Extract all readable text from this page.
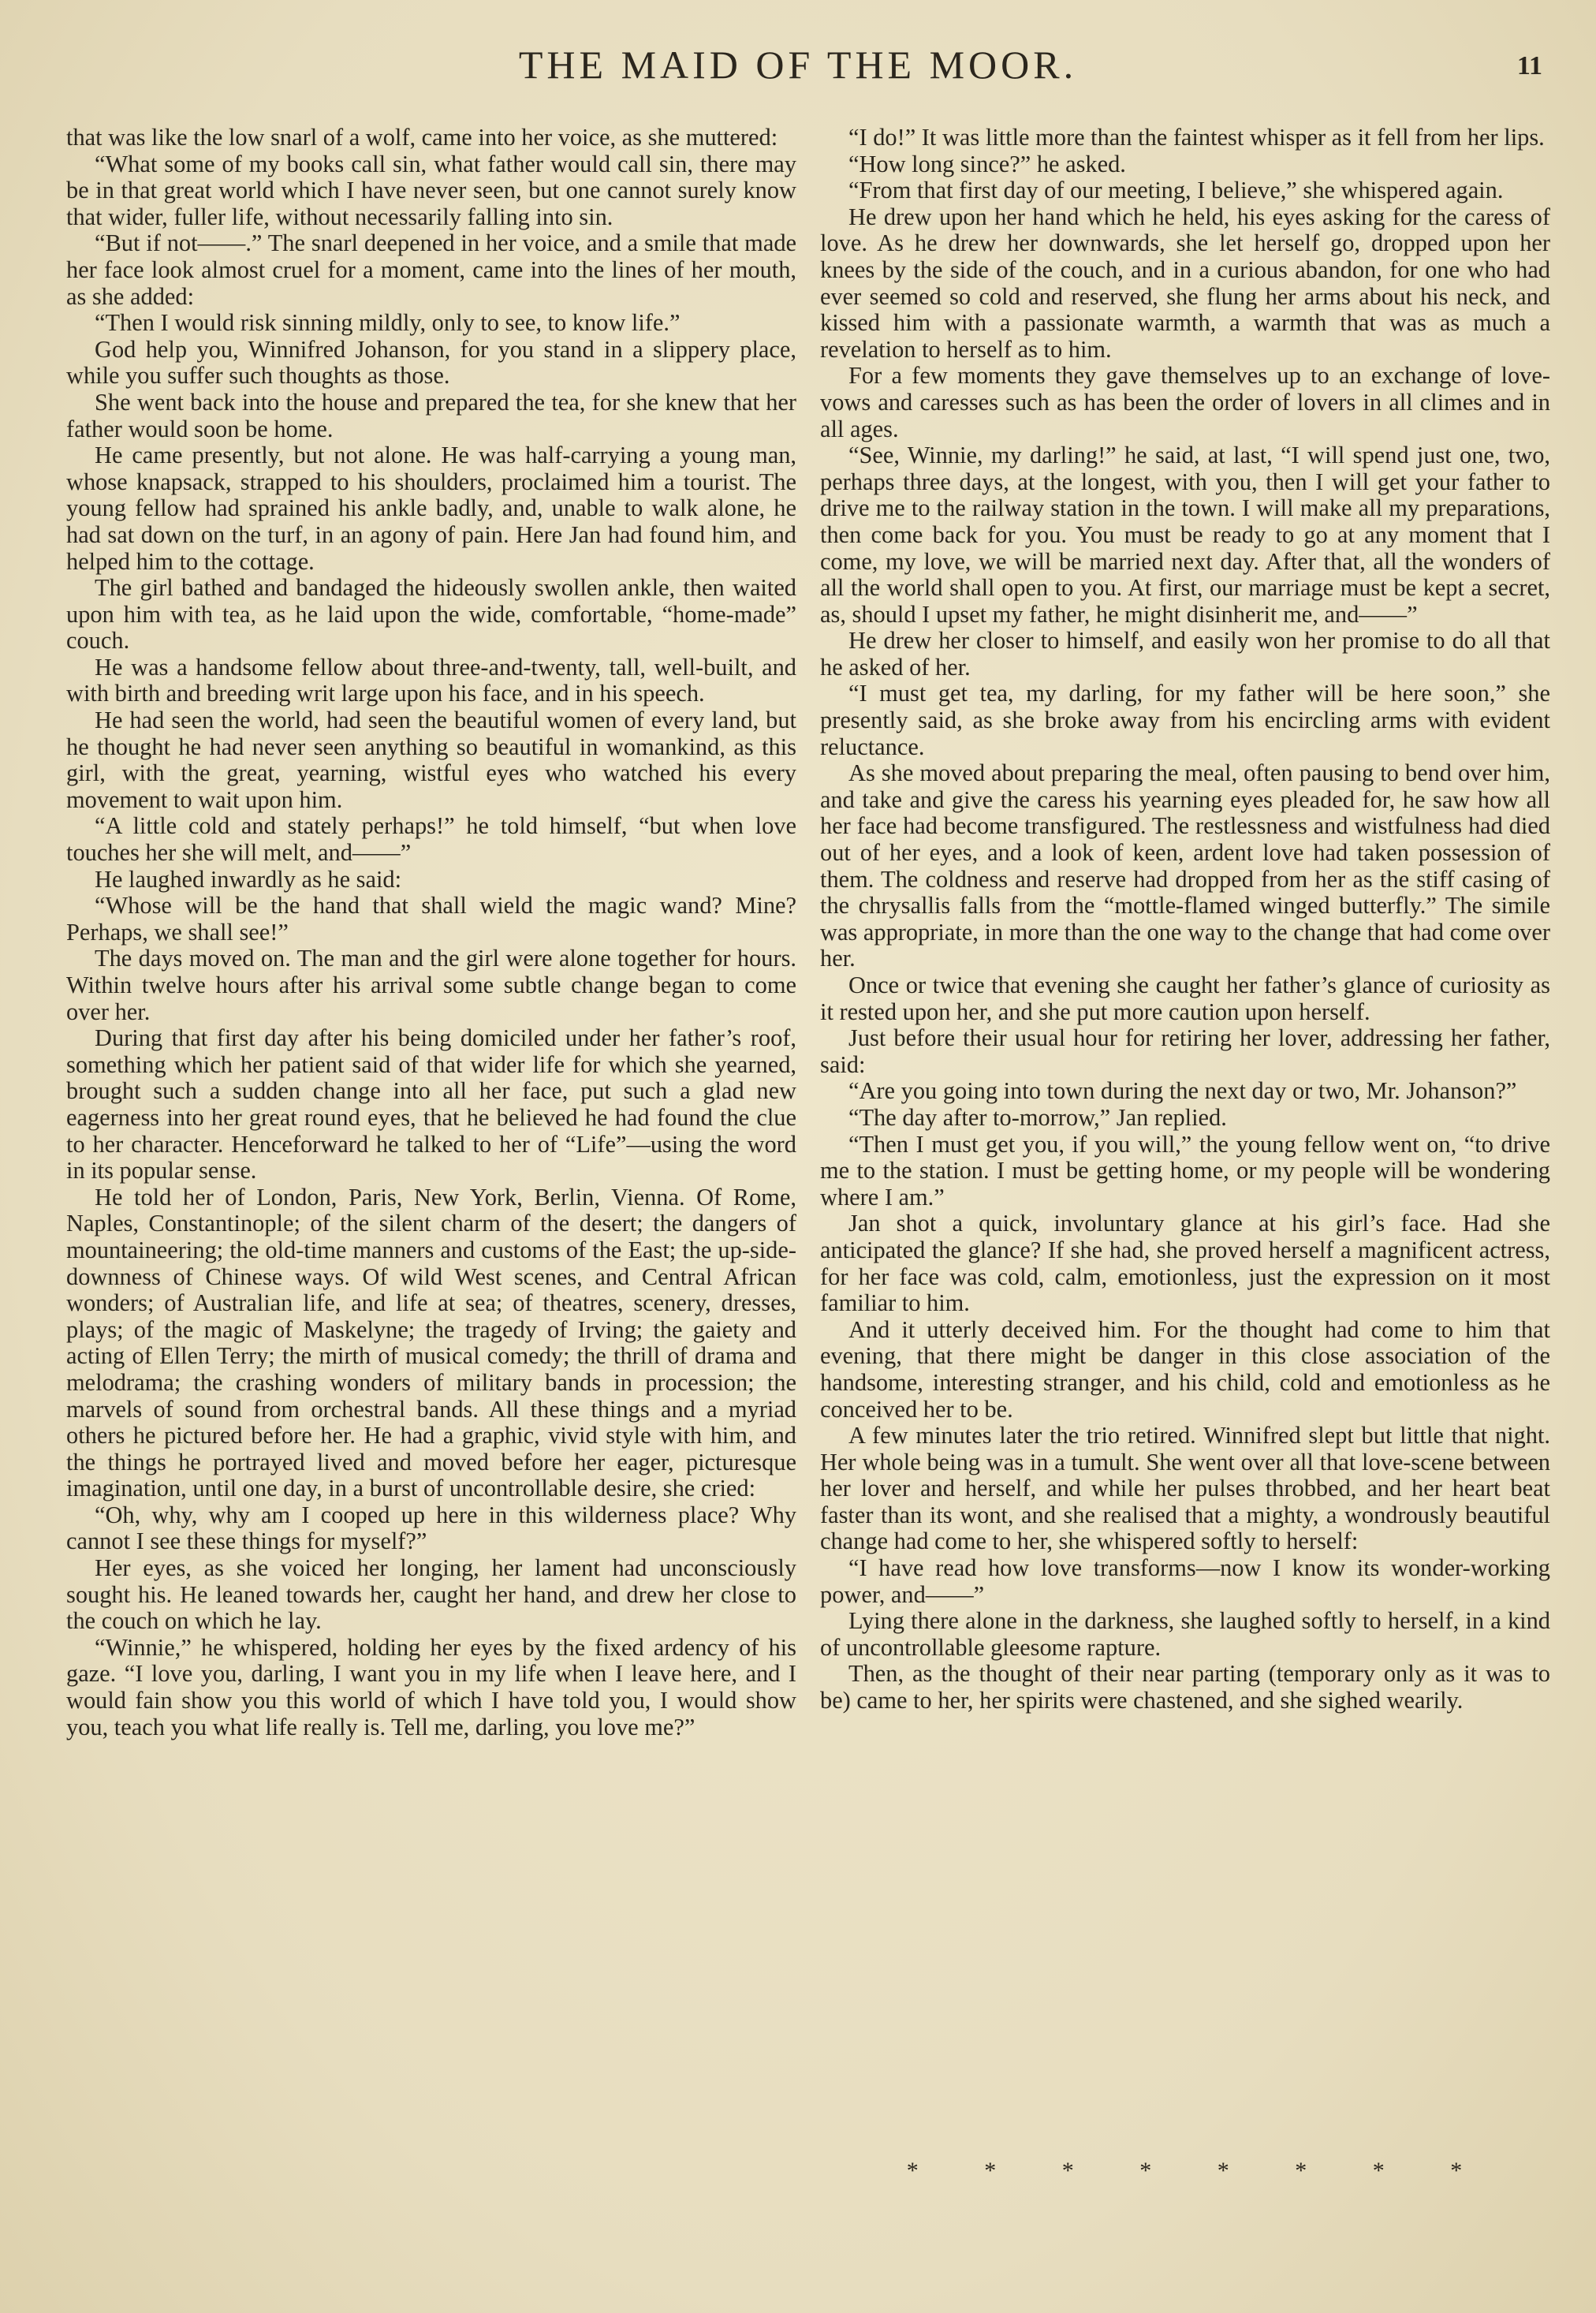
THE MAID OF THE MOOR.	11

that was like the low snarl of a wolf, came into her voice, as she muttered:

“What some of my books call sin, what father would call sin, there may be in that great world which I have never seen, but one cannot surely know that wider, fuller life, without necessarily falling into sin.

“But if not——.” The snarl deepened in her voice, and a smile that made her face look almost cruel for a moment, came into the lines of her mouth, as she added:

“Then I would risk sinning mildly, only to see, to know life.”

God help you, Winnifred Johanson, for you stand in a slippery place, while you suffer such thoughts as those.

She went back into the house and prepared the tea, for she knew that her father would soon be home.

He came presently, but not alone. He was half-carrying a young man, whose knapsack, strapped to his shoulders, proclaimed him a tourist. The young fellow had sprained his ankle badly, and, unable to walk alone, he had sat down on the turf, in an agony of pain. Here Jan had found him, and helped him to the cottage.

The girl bathed and bandaged the hideously swollen ankle, then waited upon him with tea, as he laid upon the wide, comfortable, “home-made” couch.

He was a handsome fellow about three-and-twenty, tall, well-built, and with birth and breeding writ large upon his face, and in his speech.

He had seen the world, had seen the beautiful women of every land, but he thought he had never seen anything so beautiful in womankind, as this girl, with the great, yearning, wistful eyes who watched his every movement to wait upon him.

“A little cold and stately perhaps!” he told himself, “but when love touches her she will melt, and——”

He laughed inwardly as he said:

“Whose will be the hand that shall wield the magic wand? Mine? Perhaps, we shall see!”

The days moved on. The man and the girl were alone together for hours. Within twelve hours after his arrival some subtle change began to come over her.

During that first day after his being domiciled under her father’s roof, something which her patient said of that wider life for which she yearned, brought such a sudden change into all her face, put such a glad new eagerness into her great round eyes, that he believed he had found the clue to her character. Henceforward he talked to her of “Life”—using the word in its popular sense.

He told her of London, Paris, New York, Berlin, Vienna. Of Rome, Naples, Constantinople; of the silent charm of the desert; the dangers of mountaineering; the old-time manners and customs of the East; the up-side-downness of Chinese ways. Of wild West scenes, and Central African wonders; of Australian life, and life at sea; of theatres, scenery, dresses, plays; of the magic of Maskelyne; the tragedy of Irving; the gaiety and acting of Ellen Terry; the mirth of musical comedy; the thrill of drama and melodrama; the crashing wonders of military bands in procession; the marvels of sound from orchestral bands. All these things and a myriad others he pictured before her. He had a graphic, vivid style with him, and the things he portrayed lived and moved before her eager, picturesque imagination, until one day, in a burst of uncontrollable desire, she cried:

“Oh, why, why am I cooped up here in this wilderness place? Why cannot I see these things for myself?”

Her eyes, as she voiced her longing, her lament had unconsciously sought his. He leaned towards her, caught her hand, and drew her close to the couch on which he lay.

“Winnie,” he whispered, holding her eyes by the fixed ardency of his gaze. “I love you, darling, I want you in my life when I leave here, and I would fain show you this world of which I have told you, I would show you, teach you what life really is. Tell me, darling, you love me?”

“I do!” It was little more than the faintest whisper as it fell from her lips.

“How long since?” he asked.

“From that first day of our meeting, I believe,” she whispered again.

He drew upon her hand which he held, his eyes asking for the caress of love. As he drew her downwards, she let herself go, dropped upon her knees by the side of the couch, and in a curious abandon, for one who had ever seemed so cold and reserved, she flung her arms about his neck, and kissed him with a passionate warmth, a warmth that was as much a revelation to herself as to him.

For a few moments they gave themselves up to an exchange of love-vows and caresses such as has been the order of lovers in all climes and in all ages.

“See, Winnie, my darling!” he said, at last, “I will spend just one, two, perhaps three days, at the longest, with you, then I will get your father to drive me to the railway station in the town. I will make all my preparations, then come back for you. You must be ready to go at any moment that I come, my love, we will be married next day. After that, all the wonders of all the world shall open to you. At first, our marriage must be kept a secret, as, should I upset my father, he might disinherit me, and——”

He drew her closer to himself, and easily won her promise to do all that he asked of her.

“I must get tea, my darling, for my father will be here soon,” she presently said, as she broke away from his encircling arms with evident reluctance.

As she moved about preparing the meal, often pausing to bend over him, and take and give the caress his yearning eyes pleaded for, he saw how all her face had become transfigured. The restlessness and wistfulness had died out of her eyes, and a look of keen, ardent love had taken possession of them. The coldness and reserve had dropped from her as the stiff casing of the chrysallis falls from the “mottle-flamed winged butterfly.” The simile was appropriate, in more than the one way to the change that had come over her.

Once or twice that evening she caught her father’s glance of curiosity as it rested upon her, and she put more caution upon herself.

Just before their usual hour for retiring her lover, addressing her father, said:

“Are you going into town during the next day or two, Mr. Johanson?”

“The day after to-morrow,” Jan replied.

“Then I must get you, if you will,” the young fellow went on, “to drive me to the station. I must be getting home, or my people will be wondering where I am.”

Jan shot a quick, involuntary glance at his girl’s face. Had she anticipated the glance? If she had, she proved herself a magnificent actress, for her face was cold, calm, emotionless, just the expression on it most familiar to him.

And it utterly deceived him. For the thought had come to him that evening, that there might be danger in this close association of the handsome, interesting stranger, and his child, cold and emotionless as he conceived her to be.

A few minutes later the trio retired. Winnifred slept but little that night. Her whole being was in a tumult. She went over all that love-scene between her lover and herself, and while her pulses throbbed, and her heart beat faster than its wont, and she realised that a mighty, a wondrously beautiful change had come to her, she whispered softly to herself:

“I have read how love transforms—now I know its wonder-working power, and——”

Lying there alone in the darkness, she laughed softly to herself, in a kind of uncontrollable gleesome rapture.

Then, as the thought of their near parting (temporary only as it was to be) came to her, her spirits were chastened, and she sighed wearily.

* * * * * * * *
